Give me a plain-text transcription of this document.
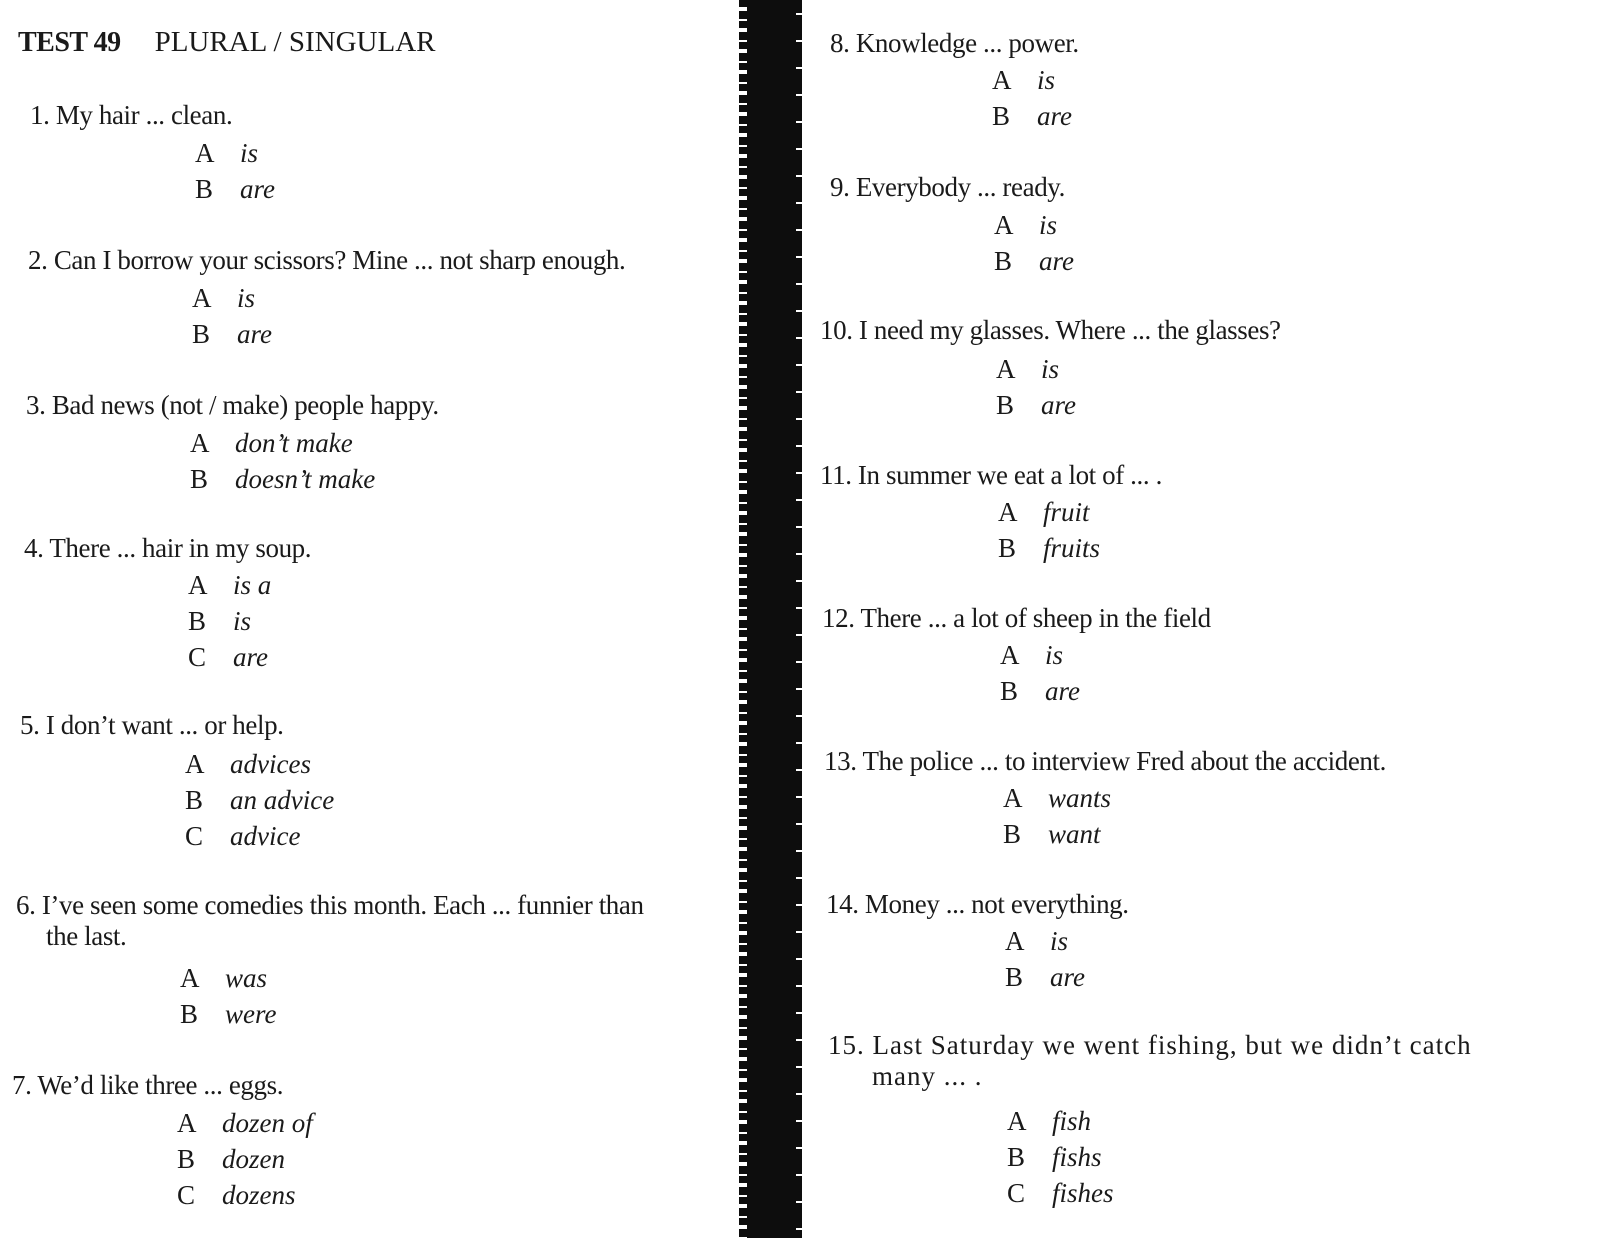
TEST 49 PLURAL / SINGULAR
1. My hair ... clean.
A is
B are
2. Can I borrow your scissors? Mine ... not sharp enough.
A is
B are
3. Bad news (not / make) people happy.
A don’t make
B doesn’t make
4. There ... hair in my soup.
A is a
B is
C are
5. I don’t want ... or help.
A advices
B an advice
C advice
6. I’ve seen some comedies this month. Each ... funnier than
the last.
A was
B were
7. We’d like three ... eggs.
A dozen of
B dozen
C dozens
8. Knowledge ... power.
A is
B are
9. Everybody ... ready.
A is
B are
10. I need my glasses. Where ... the glasses?
A is
B are
11. In summer we eat a lot of ... .
A fruit
B fruits
12. There ... a lot of sheep in the field
A is
B are
13. The police ... to interview Fred about the accident.
A wants
B want
14. Money ... not everything.
A is
B are
15. Last Saturday we went fishing, but we didn’t catch
many ... .
A fish
B fishs
C fishes
